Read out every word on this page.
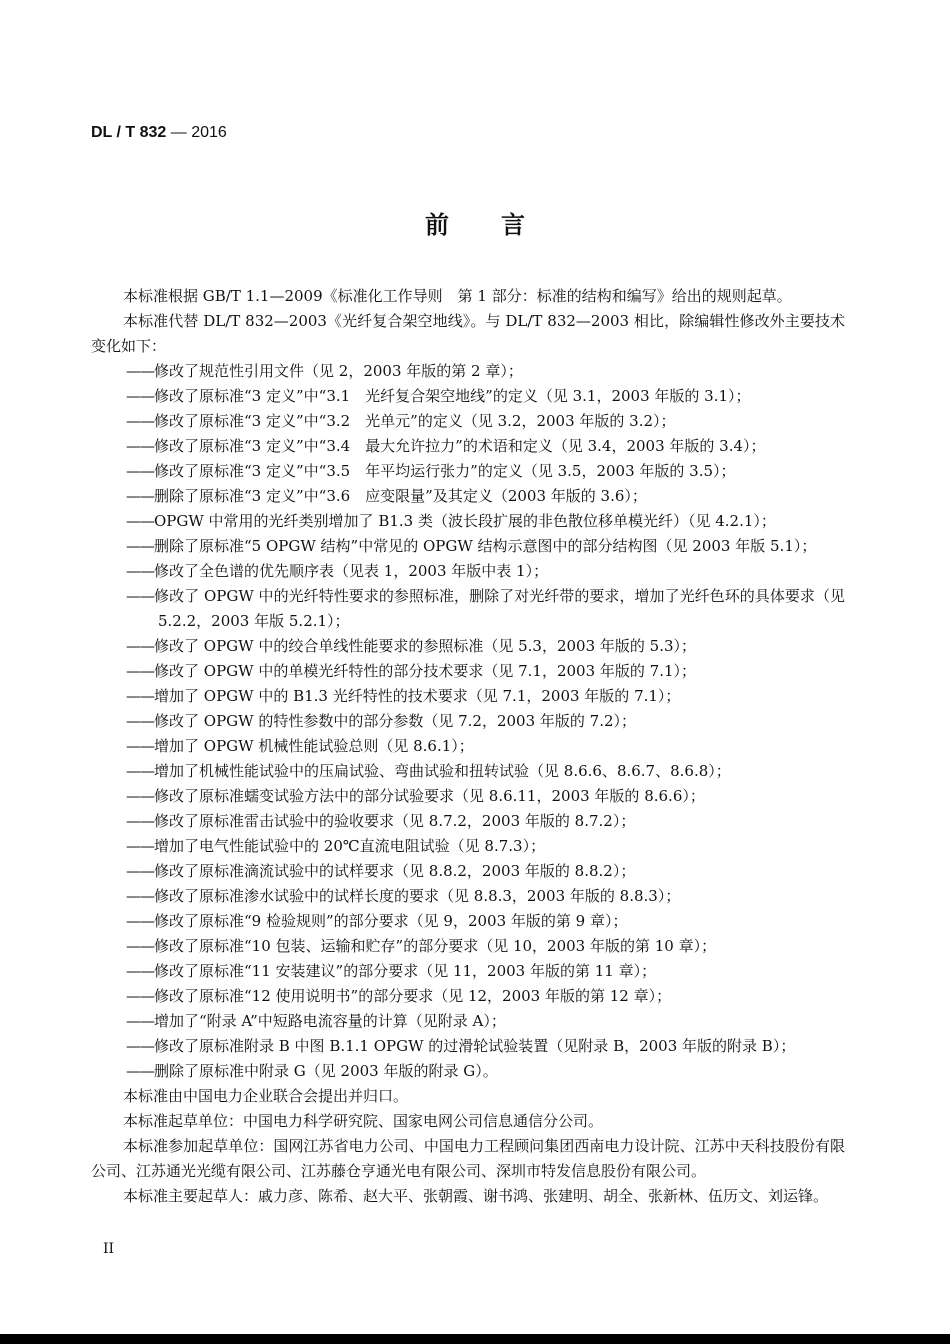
DL / T 832 — 2016
前言

本标准根据 GB/T 1.1—2009《标准化工作导则　第 1 部分：标准的结构和编写》给出的规则起草。

本标准代替 DL/T 832—2003《光纤复合架空地线》。与 DL/T 832—2003 相比，除编辑性修改外主要技术变化如下：

——修改了规范性引用文件（见 2，2003 年版的第 2 章）；

——修改了原标准“3 定义”中“3.1　光纤复合架空地线”的定义（见 3.1，2003 年版的 3.1）；

——修改了原标准“3 定义”中“3.2　光单元”的定义（见 3.2，2003 年版的 3.2）；

——修改了原标准“3 定义”中“3.4　最大允许拉力”的术语和定义（见 3.4，2003 年版的 3.4）；

——修改了原标准“3 定义”中“3.5　年平均运行张力”的定义（见 3.5，2003 年版的 3.5）；

——删除了原标准“3 定义”中“3.6　应变限量”及其定义（2003 年版的 3.6）；

——OPGW 中常用的光纤类别增加了 B1.3 类（波长段扩展的非色散位移单模光纤）（见 4.2.1）；

——删除了原标准“5 OPGW 结构”中常见的 OPGW 结构示意图中的部分结构图（见 2003 年版 5.1）；

——修改了全色谱的优先顺序表（见表 1，2003 年版中表 1）；

——修改了 OPGW 中的光纤特性要求的参照标准，删除了对光纤带的要求，增加了光纤色环的具体要求（见 5.2.2，2003 年版 5.2.1）；

——修改了 OPGW 中的绞合单线性能要求的参照标准（见 5.3，2003 年版的 5.3）；

——修改了 OPGW 中的单模光纤特性的部分技术要求（见 7.1，2003 年版的 7.1）；

——增加了 OPGW 中的 B1.3 光纤特性的技术要求（见 7.1，2003 年版的 7.1）；

——修改了 OPGW 的特性参数中的部分参数（见 7.2，2003 年版的 7.2）；

——增加了 OPGW 机械性能试验总则（见 8.6.1）；

——增加了机械性能试验中的压扁试验、弯曲试验和扭转试验（见 8.6.6、8.6.7、8.6.8）；

——修改了原标准蠕变试验方法中的部分试验要求（见 8.6.11，2003 年版的 8.6.6）；

——修改了原标准雷击试验中的验收要求（见 8.7.2，2003 年版的 8.7.2）；

——增加了电气性能试验中的 20℃直流电阻试验（见 8.7.3）；

——修改了原标准滴流试验中的试样要求（见 8.8.2，2003 年版的 8.8.2）；

——修改了原标准渗水试验中的试样长度的要求（见 8.8.3，2003 年版的 8.8.3）；

——修改了原标准“9 检验规则”的部分要求（见 9，2003 年版的第 9 章）；

——修改了原标准“10 包装、运输和贮存”的部分要求（见 10，2003 年版的第 10 章）；

——修改了原标准“11 安装建议”的部分要求（见 11，2003 年版的第 11 章）；

——修改了原标准“12 使用说明书”的部分要求（见 12，2003 年版的第 12 章）；

——增加了“附录 A”中短路电流容量的计算（见附录 A）；

——修改了原标准附录 B 中图 B.1.1 OPGW 的过滑轮试验装置（见附录 B，2003 年版的附录 B）；

——删除了原标准中附录 G（见 2003 年版的附录 G）。

本标准由中国电力企业联合会提出并归口。

本标准起草单位：中国电力科学研究院、国家电网公司信息通信分公司。

本标准参加起草单位：国网江苏省电力公司、中国电力工程顾问集团西南电力设计院、江苏中天科技股份有限公司、江苏通光光缆有限公司、江苏藤仓亨通光电有限公司、深圳市特发信息股份有限公司。

本标准主要起草人：戚力彦、陈希、赵大平、张朝霞、谢书鸿、张建明、胡全、张新林、伍历文、刘运锋。

II
